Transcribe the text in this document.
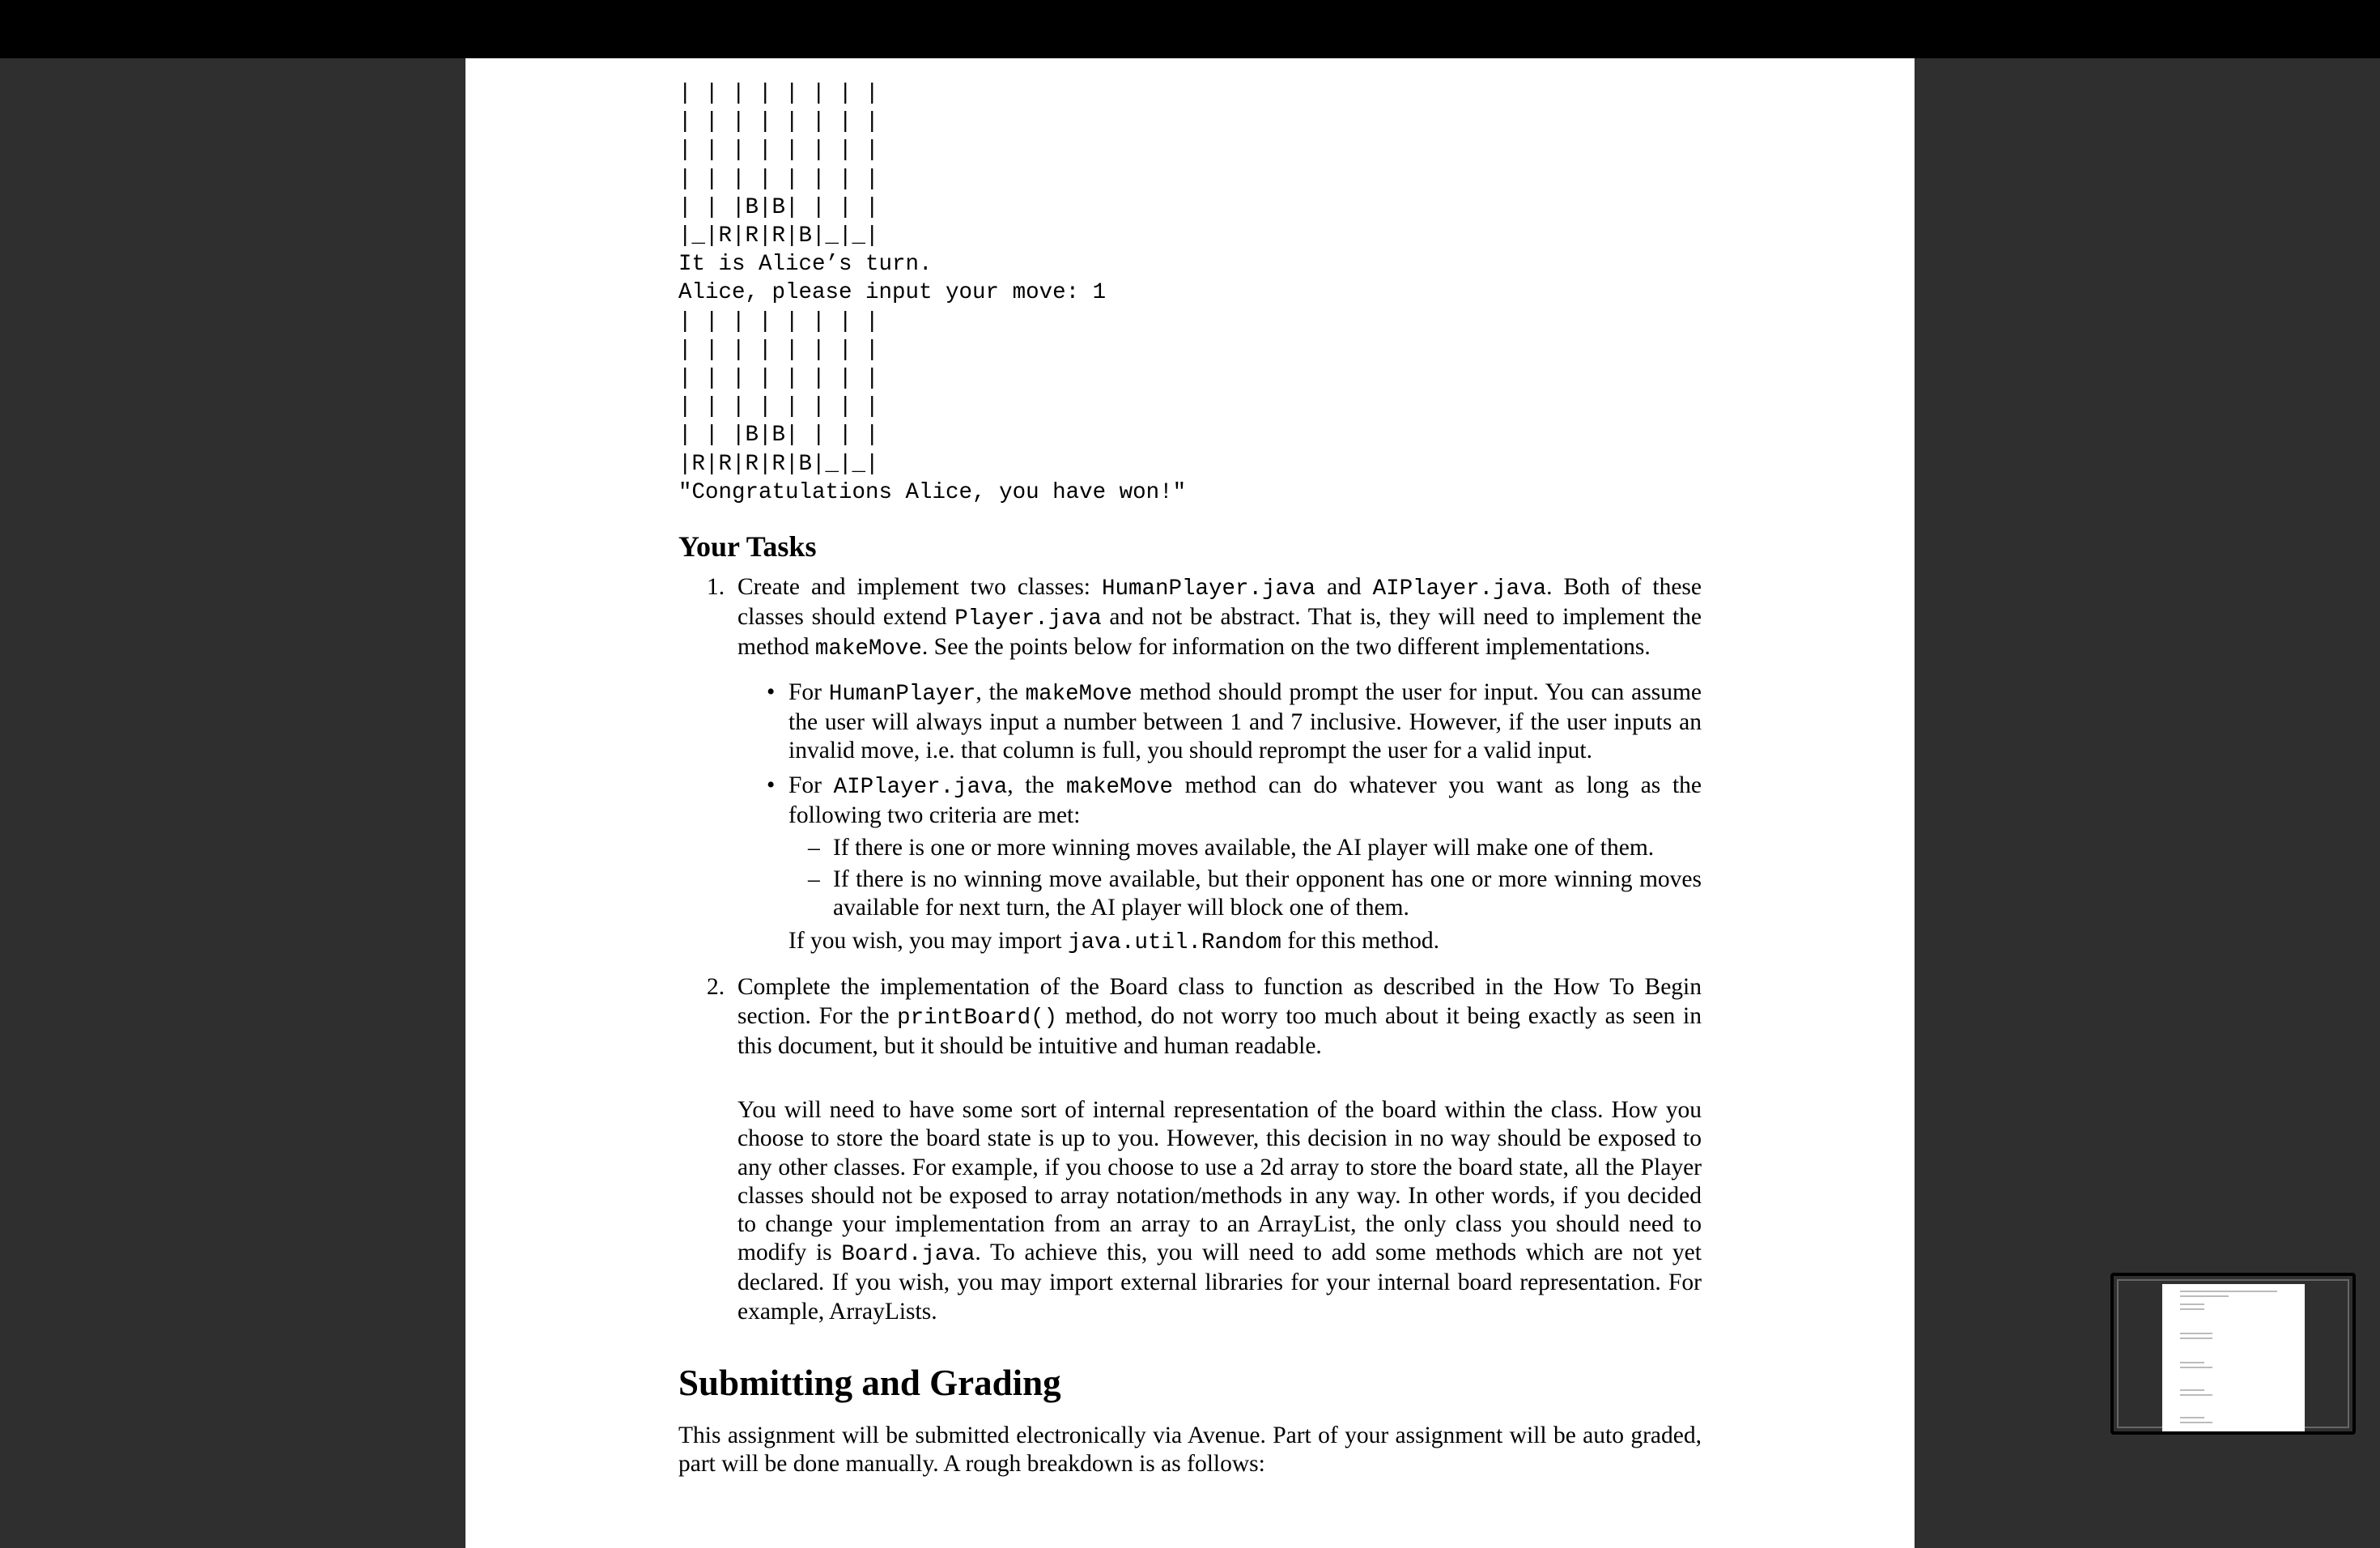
| | | | | | | |
| | | | | | | |
| | | | | | | |
| | | | | | | |
| | |B|B| | | |
|_|R|R|R|B|_|_|
It is Alice’s turn.
Alice, please input your move: 1
| | | | | | | |
| | | | | | | |
| | | | | | | |
| | | | | | | |
| | |B|B| | | |
|R|R|R|R|B|_|_|
"Congratulations Alice, you have won!"
Your Tasks
1. Create and implement two classes: HumanPlayer.java and AIPlayer.java. Both of these classes should extend Player.java and not be abstract. That is, they will need to implement the method makeMove. See the points below for information on the two different implementations.

• For HumanPlayer, the makeMove method should prompt the user for input. You can assume the user will always input a number between 1 and 7 inclusive. However, if the user inputs an invalid move, i.e. that column is full, you should reprompt the user for a valid input.

• For AIPlayer.java, the makeMove method can do whatever you want as long as the following two criteria are met:

– If there is one or more winning moves available, the AI player will make one of them.

– If there is no winning move available, but their opponent has one or more winning moves available for next turn, the AI player will block one of them.

If you wish, you may import java.util.Random for this method.

2. Complete the implementation of the Board class to function as described in the How To Begin section. For the printBoard() method, do not worry too much about it being exactly as seen in this document, but it should be intuitive and human readable.

You will need to have some sort of internal representation of the board within the class. How you choose to store the board state is up to you. However, this decision in no way should be exposed to any other classes. For example, if you choose to use a 2d array to store the board state, all the Player classes should not be exposed to array notation/methods in any way. In other words, if you decided to change your implementation from an array to an ArrayList, the only class you should need to modify is Board.java. To achieve this, you will need to add some methods which are not yet declared. If you wish, you may import external libraries for your internal board representation. For example, ArrayLists.

Submitting and Grading

This assignment will be submitted electronically via Avenue. Part of your assignment will be auto graded, part will be done manually. A rough breakdown is as follows:
